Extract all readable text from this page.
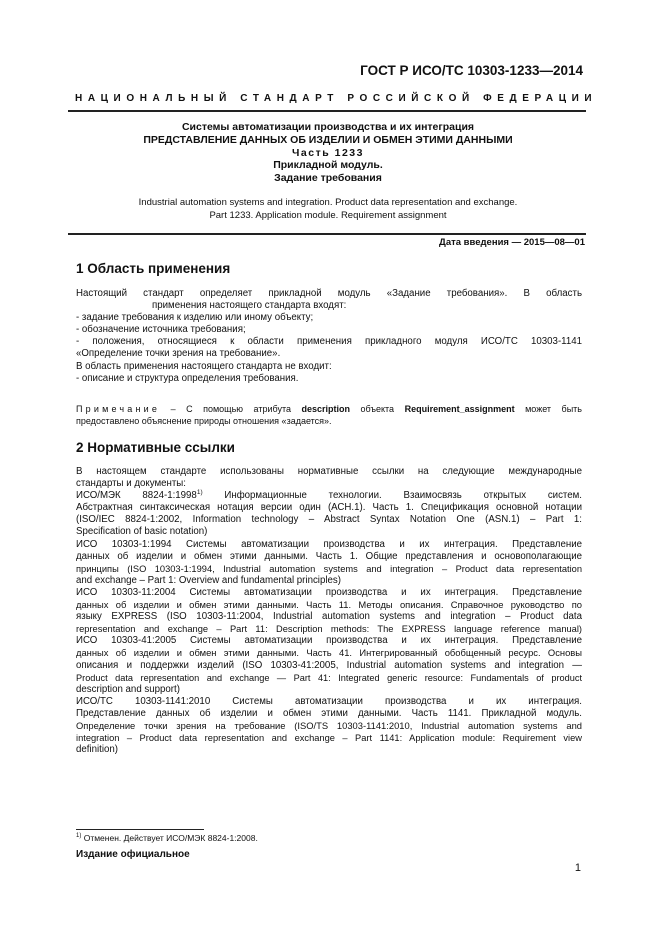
ГОСТ Р ИСО/ТС 10303-1233—2014
НАЦИОНАЛЬНЫЙ СТАНДАРТ РОССИЙСКОЙ ФЕДЕРАЦИИ
Системы автоматизации производства и их интеграция
ПРЕДСТАВЛЕНИЕ ДАННЫХ ОБ ИЗДЕЛИИ И ОБМЕН ЭТИМИ ДАННЫМИ
Часть 1233
Прикладной модуль.
Задание требования
Industrial automation systems and integration. Product data representation and exchange.
Part 1233. Application module. Requirement assignment
Дата введения — 2015—08—01
1 Область применения
Настоящий стандарт определяет прикладной модуль «Задание требования». В область
применения настоящего стандарта входят:
- задание требования к изделию или иному объекту;
- обозначение источника требования;
- положения, относящиеся к области применения прикладного модуля ИСО/ТС 10303-1141
«Определение точки зрения на требование».
В область применения настоящего стандарта не входит:
- описание и структура определения требования.
Примечание – С помощью атрибута description объекта Requirement_assignment может быть
предоставлено объяснение природы отношения «задается».
2 Нормативные ссылки
В настоящем стандарте использованы нормативные ссылки на следующие международные
стандарты и документы:
ИСО/МЭК 8824-1:1998$^{1)}$ Информационные технологии. Взаимосвязь открытых систем.
Абстрактная синтаксическая нотация версии один (АСН.1). Часть 1. Спецификация основной нотации
(ISO/IEC 8824-1:2002, Information technology – Abstract Syntax Notation One (ASN.1) – Part 1:
Specification of basic notation)
ИСО 10303-1:1994 Системы автоматизации производства и их интеграция. Представление
данных об изделии и обмен этими данными. Часть 1. Общие представления и основополагающие
принципы (ISO 10303-1:1994, Industrial automation systems and integration – Product data representation
and exchange – Part 1: Overview and fundamental principles)
ИСО 10303-11:2004 Системы автоматизации производства и их интеграция. Представление
данных об изделии и обмен этими данными. Часть 11. Методы описания. Справочное руководство по
языку EXPRESS (ISO 10303-11:2004, Industrial automation systems and integration – Product data
representation and exchange – Part 11: Description methods: The EXPRESS language reference manual)
ИСО 10303-41:2005 Системы автоматизации производства и их интеграция. Представление
данных об изделии и обмен этими данными. Часть 41. Интегрированный обобщенный ресурс. Основы
описания и поддержки изделий (ISO 10303-41:2005, Industrial automation systems and integration —
Product data representation and exchange — Part 41: Integrated generic resource: Fundamentals of product
description and support)
ИСО/ТС 10303-1141:2010 Системы автоматизации производства и их интеграция.
Представление данных об изделии и обмен этими данными. Часть 1141. Прикладной модуль.
Определение точки зрения на требование (ISO/TS 10303-1141:2010, Industrial automation systems and
integration – Product data representation and exchange – Part 1141: Application module: Requirement view
definition)
$^{1)}$ Отменен. Действует ИСО/МЭК 8824-1:2008.
Издание официальное
1
